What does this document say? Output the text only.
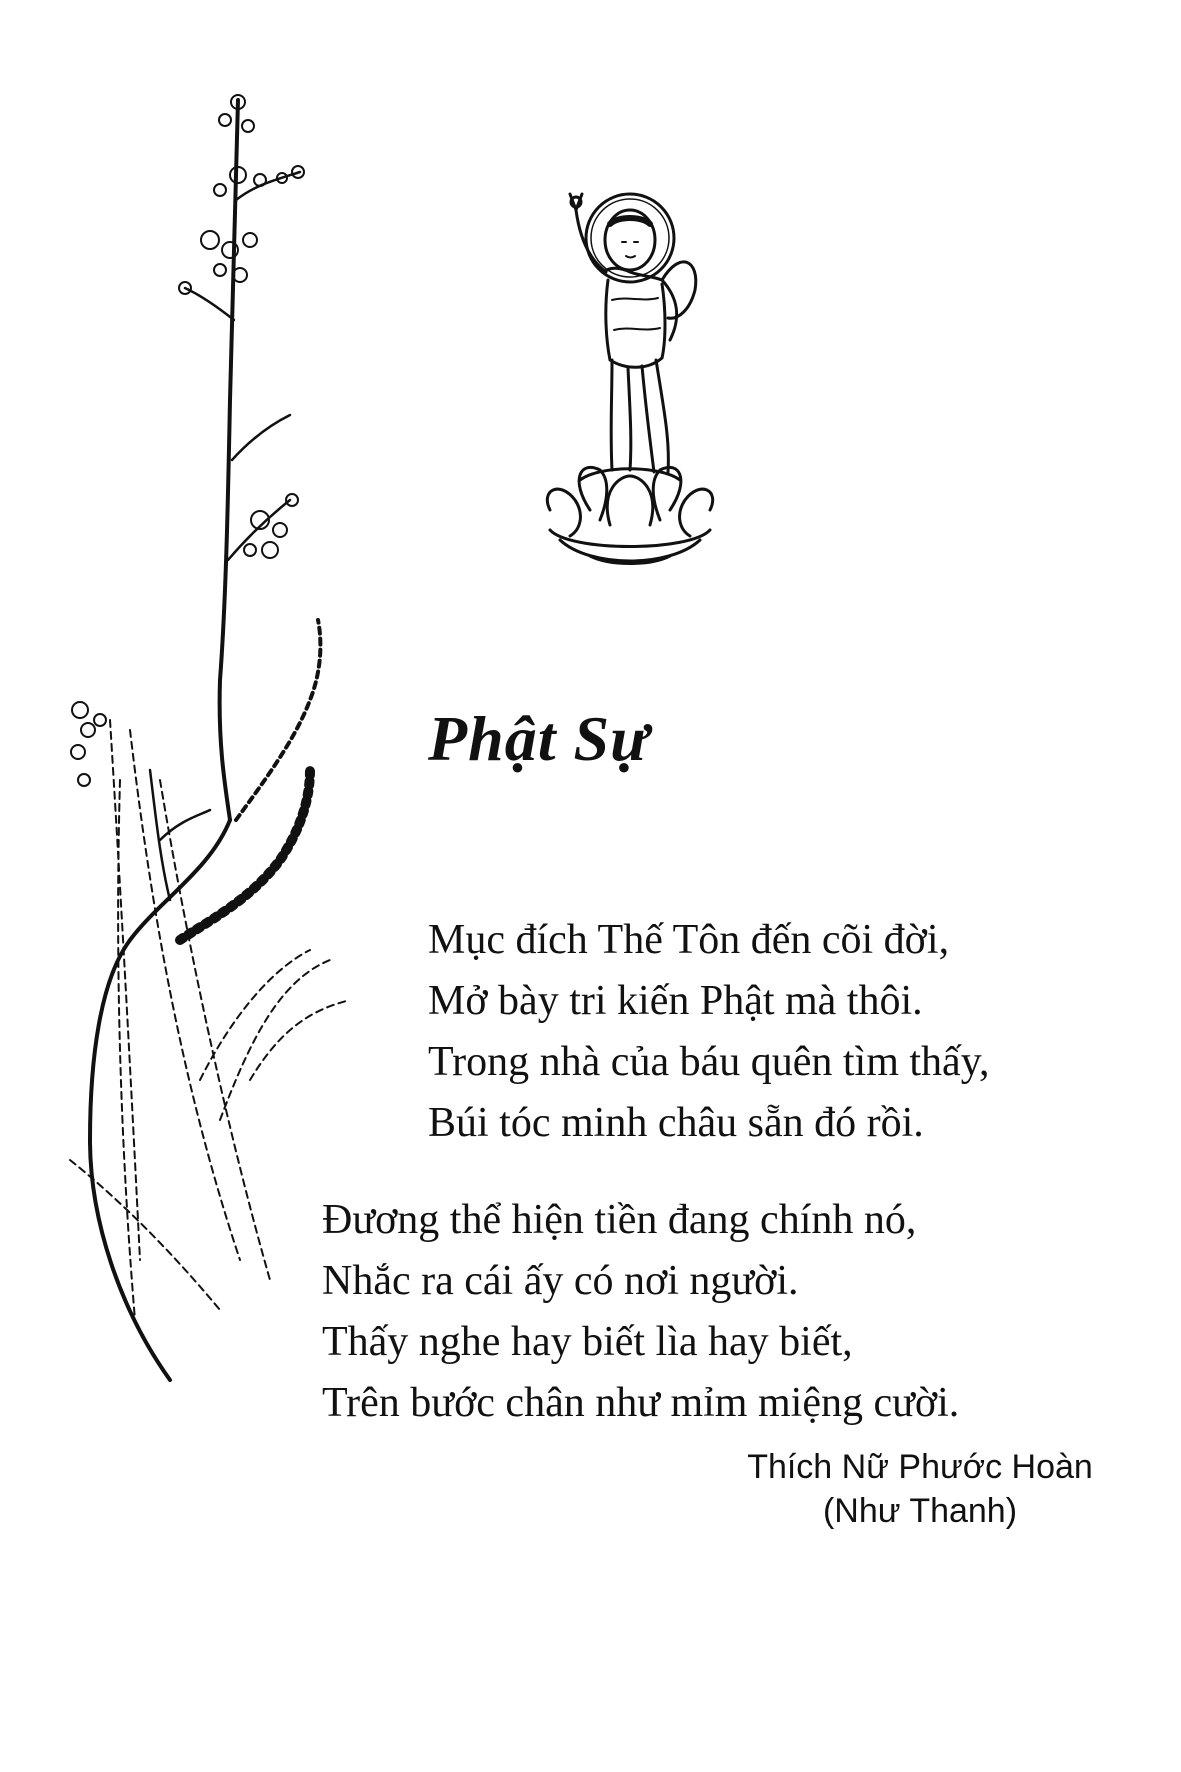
Phật Sự
Mục đích Thế Tôn đến cõi đời,
Mở bày tri kiến Phật mà thôi.
Trong nhà của báu quên tìm thấy,
Búi tóc minh châu sẵn đó rồi.
Đương thể hiện tiền đang chính nó,
Nhắc ra cái ấy có nơi người.
Thấy nghe hay biết lìa hay biết,
Trên bước chân như mỉm miệng cười.
Thích Nữ Phước Hoàn
(Như Thanh)
